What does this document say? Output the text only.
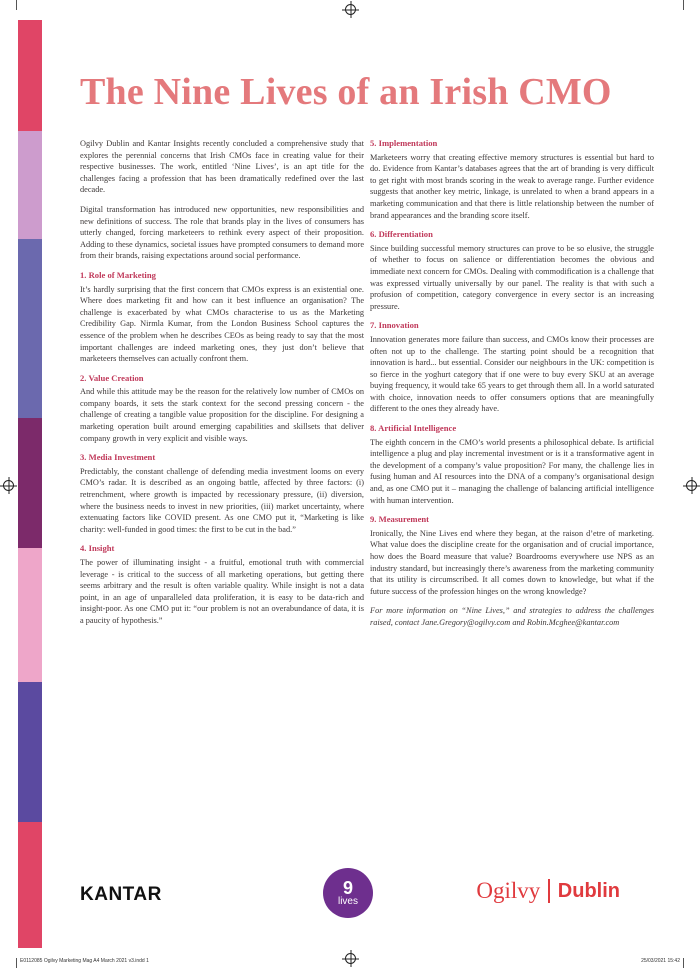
The Nine Lives of an Irish CMO

Ogilvy Dublin and Kantar Insights recently concluded a comprehensive study that explores the perennial concerns that Irish CMOs face in creating value for their respective businesses. The work, entitled ‘Nine Lives’, is an apt title for the challenges facing a profession that has been dramatically redefined over the last decade.

Digital transformation has introduced new opportunities, new responsibilities and new definitions of success. The role that brands play in the lives of consumers has utterly changed, forcing marketeers to rethink every aspect of their proposition. Adding to these dynamics, societal issues have prompted consumers to demand more from their brands, raising expectations around social performance.

1. Role of Marketing

It’s hardly surprising that the first concern that CMOs express is an existential one. Where does marketing fit and how can it best influence an organisation? The challenge is exacerbated by what CMOs characterise to us as the Marketing Credibility Gap. Nirmla Kumar, from the London Business School captures the essence of the problem when he describes CEOs as being ready to say that the most important challenges are indeed marketing ones, they just don’t believe that marketeers themselves can actually confront them.

2. Value Creation

And while this attitude may be the reason for the relatively low number of CMOs on company boards, it sets the stark context for the second pressing concern - the challenge of creating a tangible value proposition for the discipline. For designing a marketing operation built around emerging capabilities and skillsets that deliver company growth in very explicit and visible ways.

3. Media Investment

Predictably, the constant challenge of defending media investment looms on every CMO’s radar. It is described as an ongoing battle, affected by three factors: (i) retrenchment, where growth is impacted by recessionary pressure, (ii) diversion, where the business needs to invest in new priorities, (iii) market uncertainty, where extenuating factors like COVID present. As one CMO put it, “Marketing is like charity: well-funded in good times: the first to be cut in the bad.”

4. Insight

The power of illuminating insight - a fruitful, emotional truth with commercial leverage - is critical to the success of all marketing operations, but getting there seems arbitrary and the result is often variable quality. While insight is not a data point, in an age of unparalleled data proliferation, it is easy to be data-rich and insight-poor. As one CMO put it: “our problem is not an overabundance of data, it is a paucity of hypothesis.”

5. Implementation

Marketeers worry that creating effective memory structures is essential but hard to do. Evidence from Kantar’s databases agrees that the art of branding is very difficult to get right with most brands scoring in the weak to average range. Further evidence suggests that another key metric, linkage, is unrelated to when a brand appears in a marketing communication and that there is little relationship between the number of brand appearances and the branding score itself.

6. Differentiation

Since building successful memory structures can prove to be so elusive, the struggle of whether to focus on salience or differentiation becomes the obvious and immediate next concern for CMOs. Dealing with commodification is a challenge that was expressed virtually universally by our panel. The reality is that with such a profusion of competition, category convergence in every sector is an increasing pressure.

7. Innovation

Innovation generates more failure than success, and CMOs know their processes are often not up to the challenge. The starting point should be a recognition that innovation is hard... but essential. Consider our neighbours in the UK: competition is so fierce in the yoghurt category that if one were to buy every SKU at an average buying frequency, it would take 65 years to get through them all. In a world saturated with choice, innovation needs to offer consumers options that are meaningfully different to the ones they already have.

8. Artificial Intelligence

The eighth concern in the CMO’s world presents a philosophical debate. Is artificial intelligence a plug and play incremental investment or is it a transformative agent in the development of a company’s value proposition? For many, the challenge lies in fusing human and AI resources into the DNA of a company’s organisational design and, as one CMO put it – managing the challenge of balancing artificial intelligence with human intervention.

9. Measurement

Ironically, the Nine Lives end where they began, at the raison d’etre of marketing. What value does the discipline create for the organisation and of crucial importance, how does the Board measure that value? Boardrooms everywhere use NPS as an industry standard, but increasingly there’s awareness from the marketing community that its utility is circumscribed. It all comes down to knowledge, but what if the future success of the profession hinges on the wrong knowledge?

For more information on “Nine Lives,” and strategies to address the challenges raised, contact Jane.Gregory@ogilvy.com and Robin.Mcghee@kantar.com

KANTAR	9
lives	Ogilvy Dublin
E0112085 Ogilvy Marketing Mag A4 March 2021 v3.indd 1	25/03/2021 15:42
